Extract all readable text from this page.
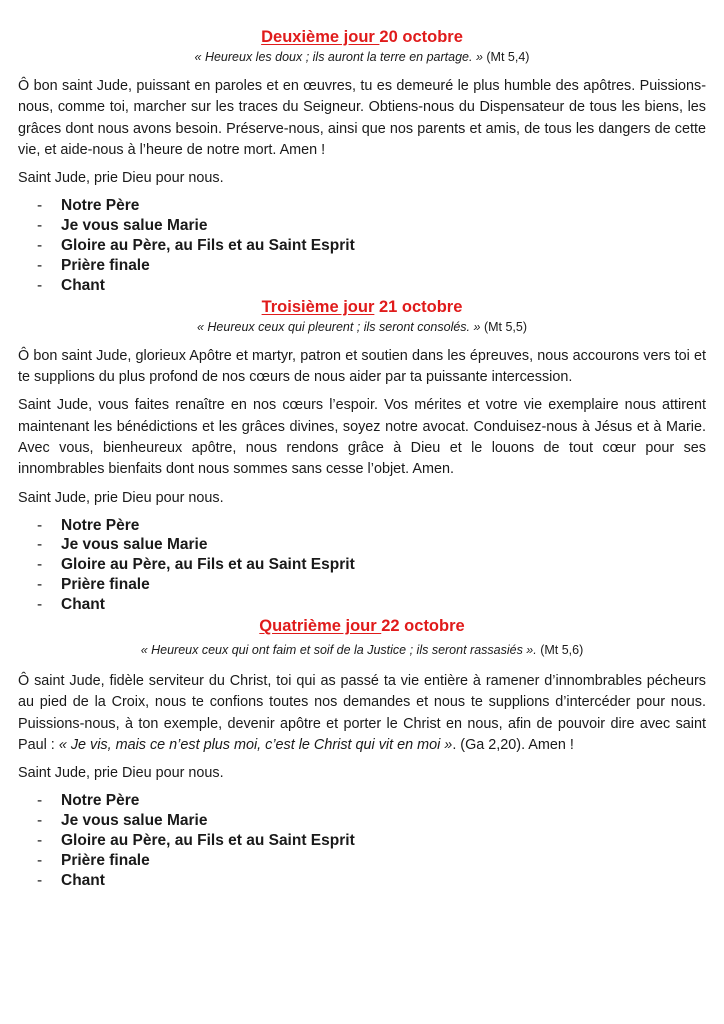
Deuxième jour 20 octobre

« Heureux les doux ; ils auront la terre en partage. » (Mt 5,4)

Ô bon saint Jude, puissant en paroles et en œuvres, tu es demeuré le plus humble des apôtres. Puissions-nous, comme toi, marcher sur les traces du Seigneur. Obtiens-nous du Dispensateur de tous les biens, les grâces dont nous avons besoin. Préserve-nous, ainsi que nos parents et amis, de tous les dangers de cette vie, et aide-nous à l’heure de notre mort. Amen !

Saint Jude, prie Dieu pour nous.

- Notre Père
- Je vous salue Marie
- Gloire au Père, au Fils et au Saint Esprit
- Prière finale
- Chant
Troisième jour 21 octobre

« Heureux ceux qui pleurent ; ils seront consolés. » (Mt 5,5)

Ô bon saint Jude, glorieux Apôtre et martyr, patron et soutien dans les épreuves, nous accourons vers toi et te supplions du plus profond de nos cœurs de nous aider par ta puissante intercession.

Saint Jude, vous faites renaître en nos cœurs l’espoir. Vos mérites et votre vie exemplaire nous attirent maintenant les bénédictions et les grâces divines, soyez notre avocat. Conduisez-nous à Jésus et à Marie. Avec vous, bienheureux apôtre, nous rendons grâce à Dieu et le louons de tout cœur pour ses innombrables bienfaits dont nous sommes sans cesse l’objet. Amen.

Saint Jude, prie Dieu pour nous.

- Notre Père
- Je vous salue Marie
- Gloire au Père, au Fils et au Saint Esprit
- Prière finale
- Chant
Quatrième jour 22 octobre

« Heureux ceux qui ont faim et soif de la Justice ; ils seront rassasiés ». (Mt 5,6)

Ô saint Jude, fidèle serviteur du Christ, toi qui as passé ta vie entière à ramener d’innombrables pécheurs au pied de la Croix, nous te confions toutes nos demandes et nous te supplions d’intercéder pour nous. Puissions-nous, à ton exemple, devenir apôtre et porter le Christ en nous, afin de pouvoir dire avec saint Paul : « Je vis, mais ce n’est plus moi, c’est le Christ qui vit en moi ». (Ga 2,20). Amen !

Saint Jude, prie Dieu pour nous.

- Notre Père
- Je vous salue Marie
- Gloire au Père, au Fils et au Saint Esprit
- Prière finale
- Chant
